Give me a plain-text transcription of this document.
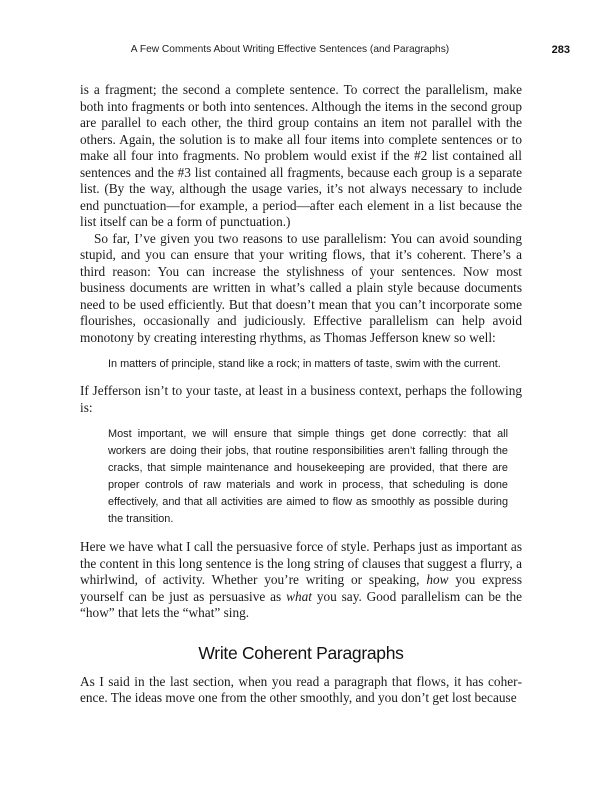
A Few Comments About Writing Effective Sentences (and Paragraphs)	283

is a fragment; the second a complete sentence. To correct the parallelism, make both into fragments or both into sentences. Although the items in the second group are parallel to each other, the third group contains an item not parallel with the others. Again, the solution is to make all four items into complete sentences or to make all four into fragments. No problem would exist if the #2 list contained all sentences and the #3 list contained all fragments, because each group is a separate list. (By the way, although the usage varies, it’s not always necessary to include end punctuation—for example, a period—after each element in a list because the list itself can be a form of punctuation.)

So far, I’ve given you two reasons to use parallelism: You can avoid sounding stupid, and you can ensure that your writing flows, that it’s coherent. There’s a third reason: You can increase the stylishness of your sentences. Now most business documents are written in what’s called a plain style because documents need to be used efficiently. But that doesn’t mean that you can’t incorporate some flourishes, occasionally and judiciously. Effective parallelism can help avoid monotony by creating interesting rhythms, as Thomas Jefferson knew so well:

In matters of principle, stand like a rock; in matters of taste, swim with the current.

If Jefferson isn’t to your taste, at least in a business context, perhaps the following is:

Most important, we will ensure that simple things get done correctly: that all workers are doing their jobs, that routine responsibilities aren’t falling through the cracks, that simple maintenance and housekeeping are provided, that there are proper controls of raw materials and work in process, that scheduling is done effectively, and that all activities are aimed to flow as smoothly as possible during the transition.

Here we have what I call the persuasive force of style. Perhaps just as important as the content in this long sentence is the long string of clauses that suggest a flurry, a whirlwind, of activity. Whether you’re writing or speaking, how you express yourself can be just as persuasive as what you say. Good parallelism can be the “how” that lets the “what” sing.

Write Coherent Paragraphs

As I said in the last section, when you read a paragraph that flows, it has coherence. The ideas move one from the other smoothly, and you don’t get lost because
